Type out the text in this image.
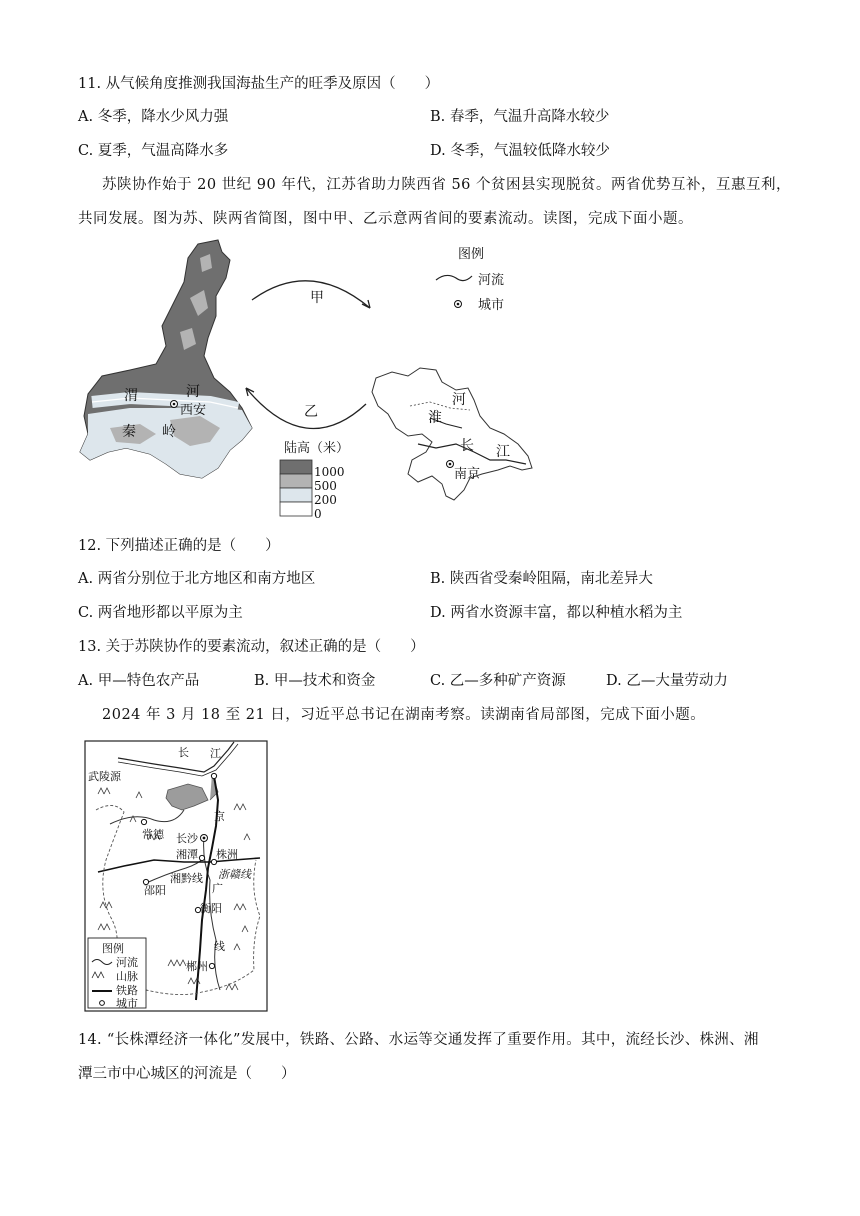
11. 从气候角度推测我国海盐生产的旺季及原因（　　）
A. 冬季，降水少风力强	B. 春季，气温升高降水较少
C. 夏季，气温高降水多	D. 冬季，气温较低降水较少
苏陕协作始于 20 世纪 90 年代，江苏省助力陕西省 56 个贫困县实现脱贫。两省优势互补，互惠互利，
共同发展。图为苏、陕两省简图，图中甲、乙示意两省间的要素流动。读图，完成下面小题。
渭	河
西安
秦 岭
甲
乙
图例
河流
城市
河
淮
长 江
南京
陆高（米）
1000
500
200
0
12. 下列描述正确的是（　　）
A. 两省分别位于北方地区和南方地区	B. 陕西省受秦岭阻隔，南北差异大
C. 两省地形都以平原为主	D. 两省水资源丰富，都以种植水稻为主
13. 关于苏陕协作的要素流动，叙述正确的是（　　）
A. 甲—特色农产品	B. 甲—技术和资金	C. 乙—多种矿产资源	D. 乙—大量劳动力
2024 年 3 月 18 至 21 日，习近平总书记在湖南考察。读湖南省局部图，完成下面小题。
长 江
武陵源
常德
京
长沙
湘潭 株洲
湘黔线 浙赣线
广
邵阳
衡阳
线
郴州
图例
河流
山脉
铁路
城市
14. “长株潭经济一体化”发展中，铁路、公路、水运等交通发挥了重要作用。其中，流经长沙、株洲、湘
潭三市中心城区的河流是（　　）
